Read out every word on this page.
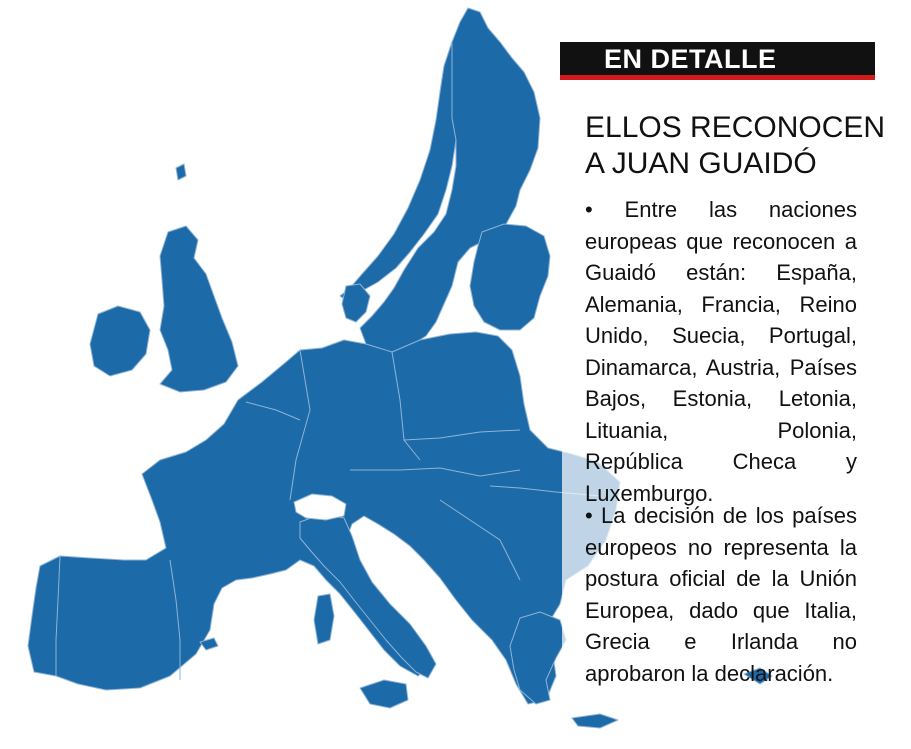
EN DETALLE
ELLOS RECONOCEN
A JUAN GUAIDÓ
• Entre las naciones europeas que reconocen a Guaidó están: España, Alemania, Francia, Reino Unido, Suecia, Portugal, Dinamarca, Austria, Países Bajos, Estonia, Letonia, Lituania, Polonia, República Checa y Luxemburgo.
• La decisión de los países europeos no representa la postura oficial de la Unión Europea, dado que Italia, Grecia e Irlanda no aprobaron la declaración.
